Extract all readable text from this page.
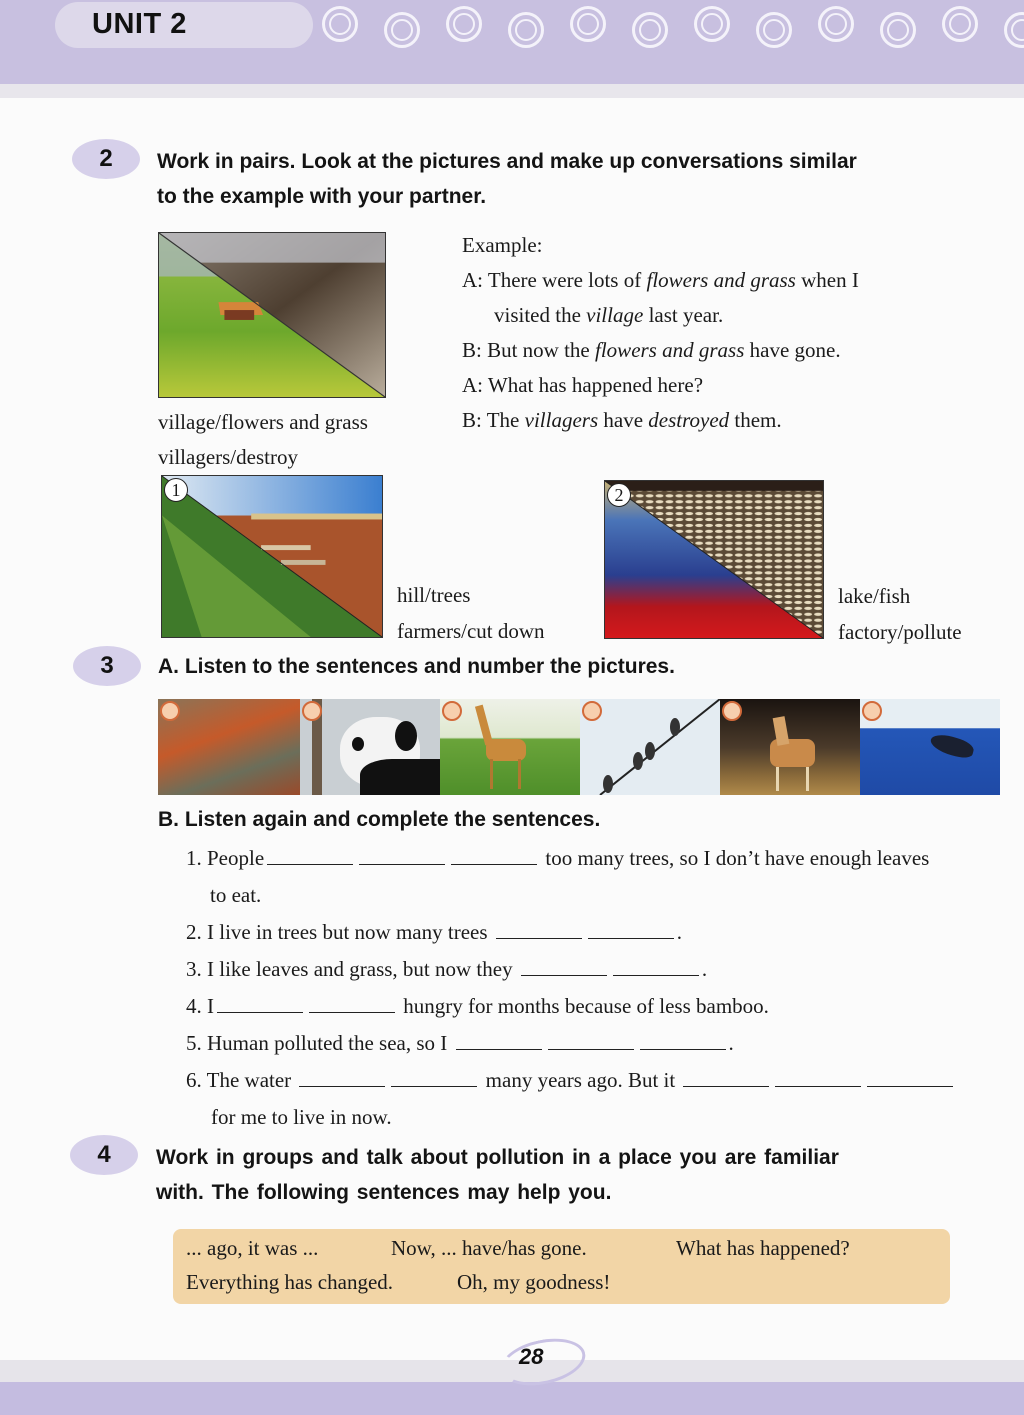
UNIT 2
2 Work in pairs. Look at the pictures and make up conversations similar
to the example with your partner.
village/flowers and grass
villagers/destroy
Example:
A: There were lots of flowers and grass when I
visited the village last year.
B: But now the flowers and grass have gone.
A: What has happened here?
B: The villagers have destroyed them.
1
hill/trees
farmers/cut down
2
lake/fish
factory/pollute
3 A. Listen to the sentences and number the pictures.
B. Listen again and complete the sentences.
1. People	too many trees, so I don’t have enough leaves
to eat.
2. I live in trees but now many trees	.
3. I like leaves and grass, but now they	.
4. I	hungry for months because of less bamboo.
5. Human polluted the sea, so I	.
6. The water	many years ago. But it
for me to live in now.
4 Work in groups and talk about pollution in a place you are familiar
with. The following sentences may help you.
... ago, it was ...	Now, ... have/has gone.	What has happened?
Everything has changed.	Oh, my goodness!
28
